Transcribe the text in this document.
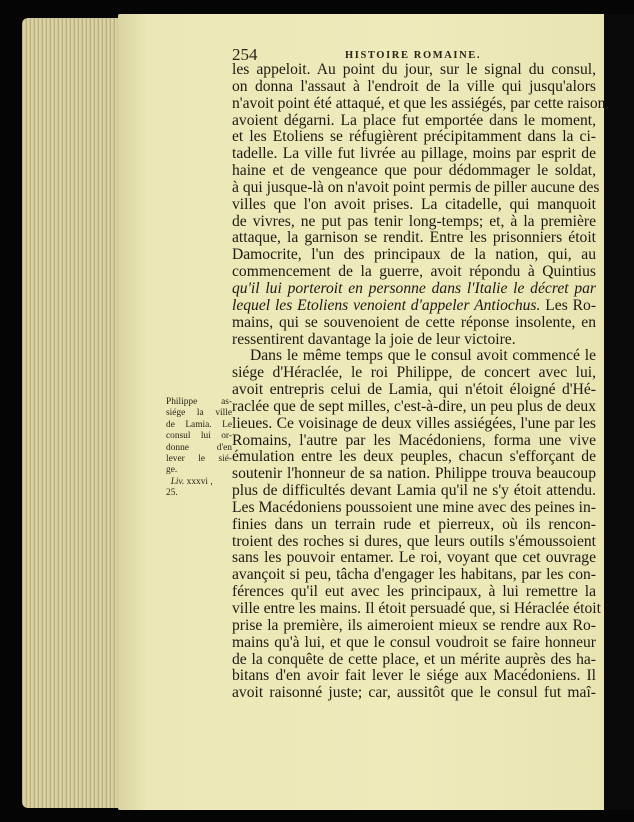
254	HISTOIRE ROMAINE.
Philippe as-
siége la ville
de Lamia. Le
consul lui or-
donne d'en
lever le sié-
ge.
Liv. xxxvi ,
25.
les appeloit. Au point du jour, sur le signal du consul,
on donna l'assaut à l'endroit de la ville qui jusqu'alors
n'avoit point été attaqué, et que les assiégés, par cette raison,
avoient dégarni. La place fut emportée dans le moment,
et les Etoliens se réfugièrent précipitamment dans la ci-
tadelle. La ville fut livrée au pillage, moins par esprit de
haine et de vengeance que pour dédommager le soldat,
à qui jusque-là on n'avoit point permis de piller aucune des
villes que l'on avoit prises. La citadelle, qui manquoit
de vivres, ne put pas tenir long-temps; et, à la première
attaque, la garnison se rendit. Entre les prisonniers étoit
Damocrite, l'un des principaux de la nation, qui, au
commencement de la guerre, avoit répondu à Quintius
qu'il lui porteroit en personne dans l'Italie le décret par
lequel les Etoliens venoient d'appeler Antiochus. Les Ro-
mains, qui se souvenoient de cette réponse insolente, en
ressentirent davantage la joie de leur victoire.
Dans le même temps que le consul avoit commencé le
siége d'Héraclée, le roi Philippe, de concert avec lui,
avoit entrepris celui de Lamia, qui n'étoit éloigné d'Hé-
raclée que de sept milles, c'est-à-dire, un peu plus de deux
lieues. Ce voisinage de deux villes assiégées, l'une par les
Romains, l'autre par les Macédoniens, forma une vive
émulation entre les deux peuples, chacun s'efforçant de
soutenir l'honneur de sa nation. Philippe trouva beaucoup
plus de difficultés devant Lamia qu'il ne s'y étoit attendu.
Les Macédoniens poussoient une mine avec des peines in-
finies dans un terrain rude et pierreux, où ils rencon-
troient des roches si dures, que leurs outils s'émoussoient
sans les pouvoir entamer. Le roi, voyant que cet ouvrage
avançoit si peu, tâcha d'engager les habitans, par les con-
férences qu'il eut avec les principaux, à lui remettre la
ville entre les mains. Il étoit persuadé que, si Héraclée étoit
prise la première, ils aimeroient mieux se rendre aux Ro-
mains qu'à lui, et que le consul voudroit se faire honneur
de la conquête de cette place, et un mérite auprès des ha-
bitans d'en avoir fait lever le siége aux Macédoniens. Il
avoit raisonné juste; car, aussitôt que le consul fut maî-
